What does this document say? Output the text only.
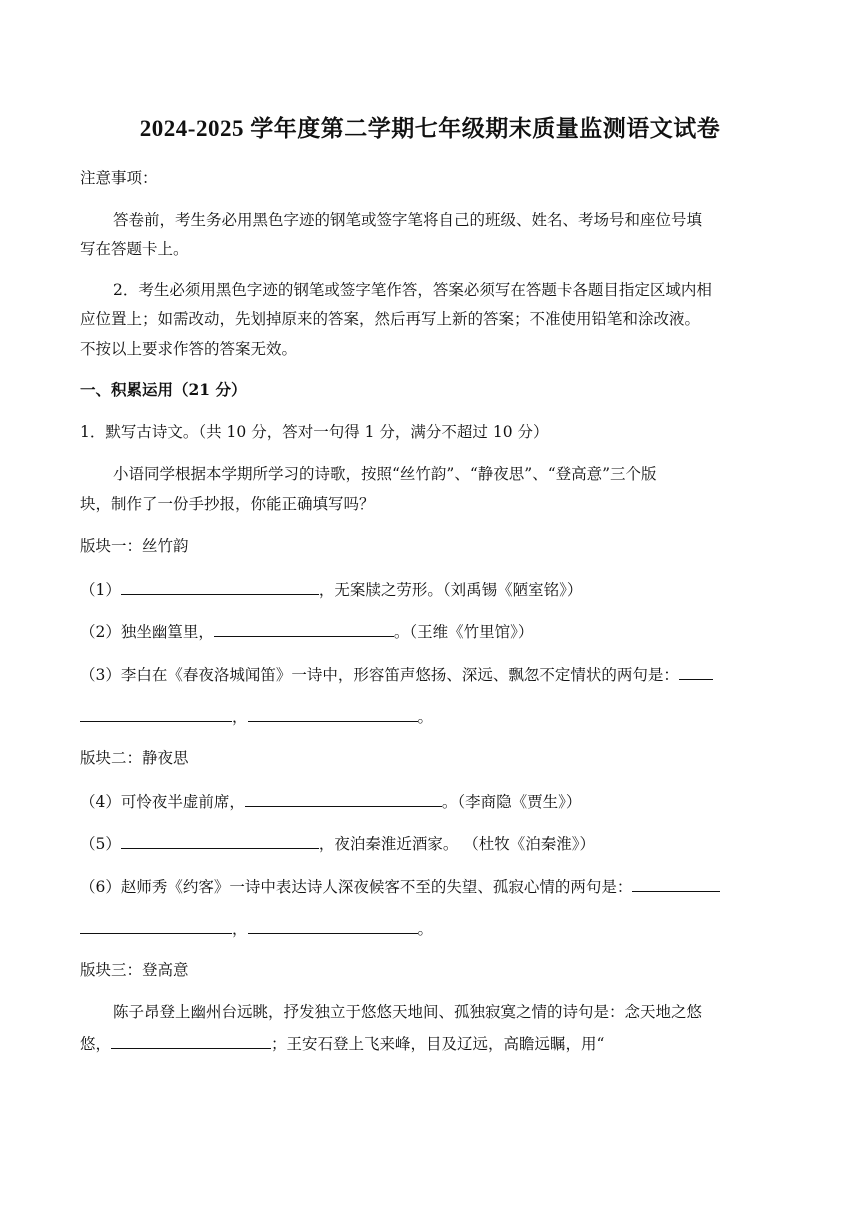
2024-2025 学年度第二学期七年级期末质量监测语文试卷
注意事项：
答卷前，考生务必用黑色字迹的钢笔或签字笔将自己的班级、姓名、考场号和座位号填
写在答题卡上。
2．考生必须用黑色字迹的钢笔或签字笔作答，答案必须写在答题卡各题目指定区域内相
应位置上；如需改动，先划掉原来的答案，然后再写上新的答案；不准使用铅笔和涂改液。
不按以上要求作答的答案无效。
一、积累运用（21 分）
1．默写古诗文。（共 10 分，答对一句得 1 分，满分不超过 10 分）
小语同学根据本学期所学习的诗歌，按照“丝竹韵”、“静夜思”、“登高意”三个版
块，制作了一份手抄报，你能正确填写吗？
版块一：丝竹韵
（1）	，无案牍之劳形。（刘禹锡《陋室铭》）
（2）独坐幽篁里，	。（王维《竹里馆》）
（3）李白在《春夜洛城闻笛》一诗中，形容笛声悠扬、深远、飘忽不定情状的两句是：
，	。
版块二：静夜思
（4）可怜夜半虚前席，	。（李商隐《贾生》）
（5）	，夜泊秦淮近酒家。 （杜牧《泊秦淮》）
（6）赵师秀《约客》一诗中表达诗人深夜候客不至的失望、孤寂心情的两句是：
，	。
版块三：登高意
陈子昂登上幽州台远眺，抒发独立于悠悠天地间、孤独寂寞之情的诗句是：念天地之悠
悠，	；王安石登上飞来峰，目及辽远，高瞻远瞩，用“
